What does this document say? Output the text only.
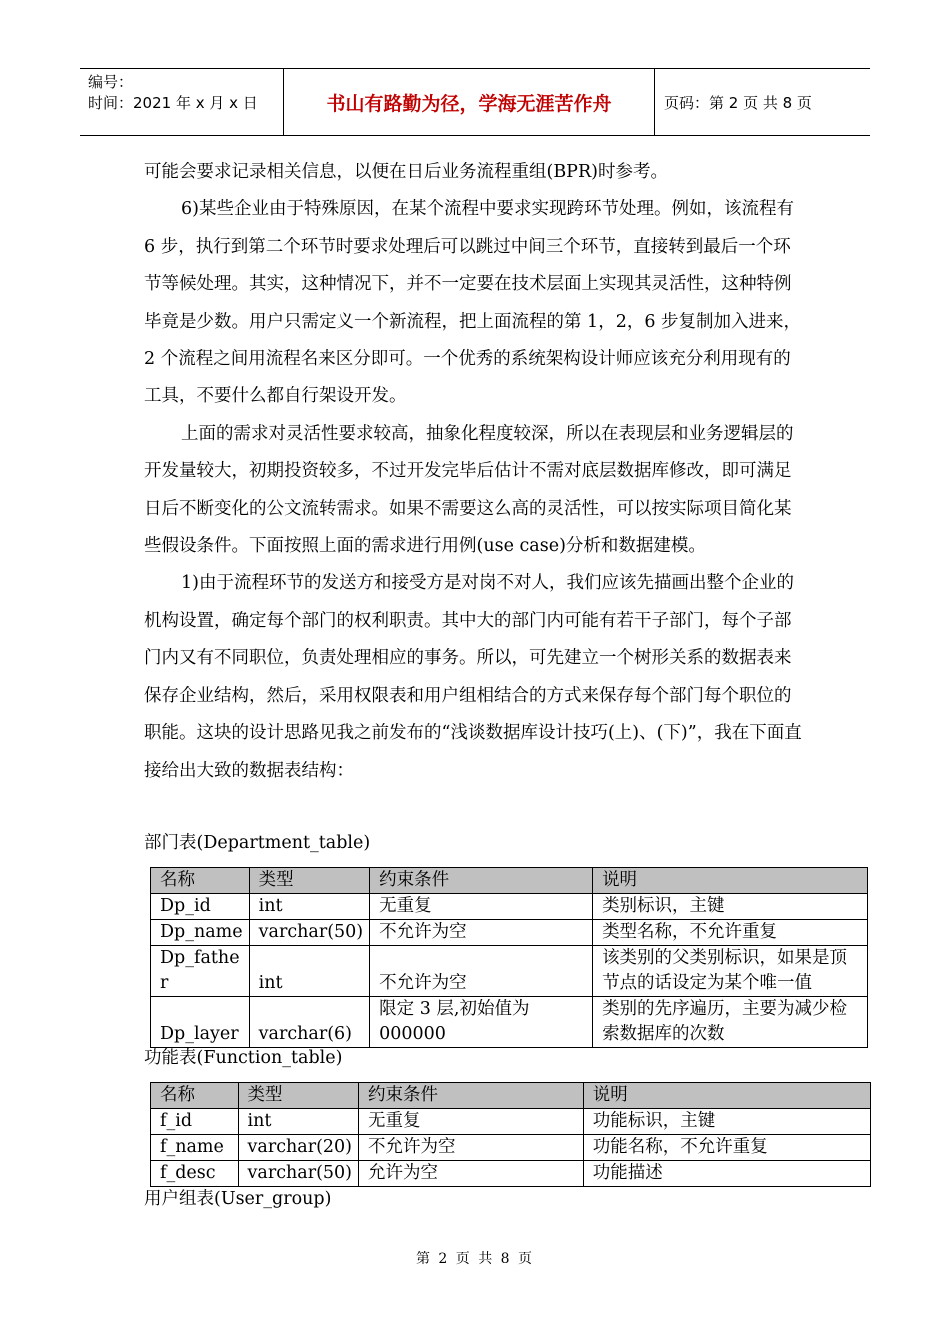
编号：
时间：2021 年 x 月 x 日	书山有路勤为径，学海无涯苦作舟	页码：第 2 页 共 8 页

可能会要求记录相关信息，以便在日后业务流程重组(BPR)时参考。

6)某些企业由于特殊原因，在某个流程中要求实现跨环节处理。例如，该流程有 6 步，执行到第二个环节时要求处理后可以跳过中间三个环节，直接转到最后一个环节等候处理。其实，这种情况下，并不一定要在技术层面上实现其灵活性，这种特例毕竟是少数。用户只需定义一个新流程，把上面流程的第 1，2，6 步复制加入进来，2 个流程之间用流程名来区分即可。一个优秀的系统架构设计师应该充分利用现有的工具，不要什么都自行架设开发。

上面的需求对灵活性要求较高，抽象化程度较深，所以在表现层和业务逻辑层的开发量较大，初期投资较多，不过开发完毕后估计不需对底层数据库修改，即可满足日后不断变化的公文流转需求。如果不需要这么高的灵活性，可以按实际项目简化某些假设条件。下面按照上面的需求进行用例(use case)分析和数据建模。

1)由于流程环节的发送方和接受方是对岗不对人，我们应该先描画出整个企业的机构设置，确定每个部门的权利职责。其中大的部门内可能有若干子部门，每个子部门内又有不同职位，负责处理相应的事务。所以，可先建立一个树形关系的数据表来保存企业结构，然后，采用权限表和用户组相结合的方式来保存每个部门每个职位的职能。这块的设计思路见我之前发布的“浅谈数据库设计技巧(上)、(下)”，我在下面直接给出大致的数据表结构：

部门表(Department_table)
名称	类型	约束条件	说明
Dp_id	int	无重复	类别标识，主键
Dp_name	varchar(50)	不允许为空	类型名称，不允许重复
Dp_father	int	不允许为空	该类别的父类别标识，如果是顶节点的话设定为某个唯一值
Dp_layer	varchar(6)	限定 3 层,初始值为 000000	类别的先序遍历，主要为减少检索数据库的次数
功能表(Function_table)
名称	类型	约束条件	说明
f_id	int	无重复	功能标识，主键
f_name	varchar(20)	不允许为空	功能名称，不允许重复
f_desc	varchar(50)	允许为空	功能描述
用户组表(User_group)
第 2 页 共 8 页
